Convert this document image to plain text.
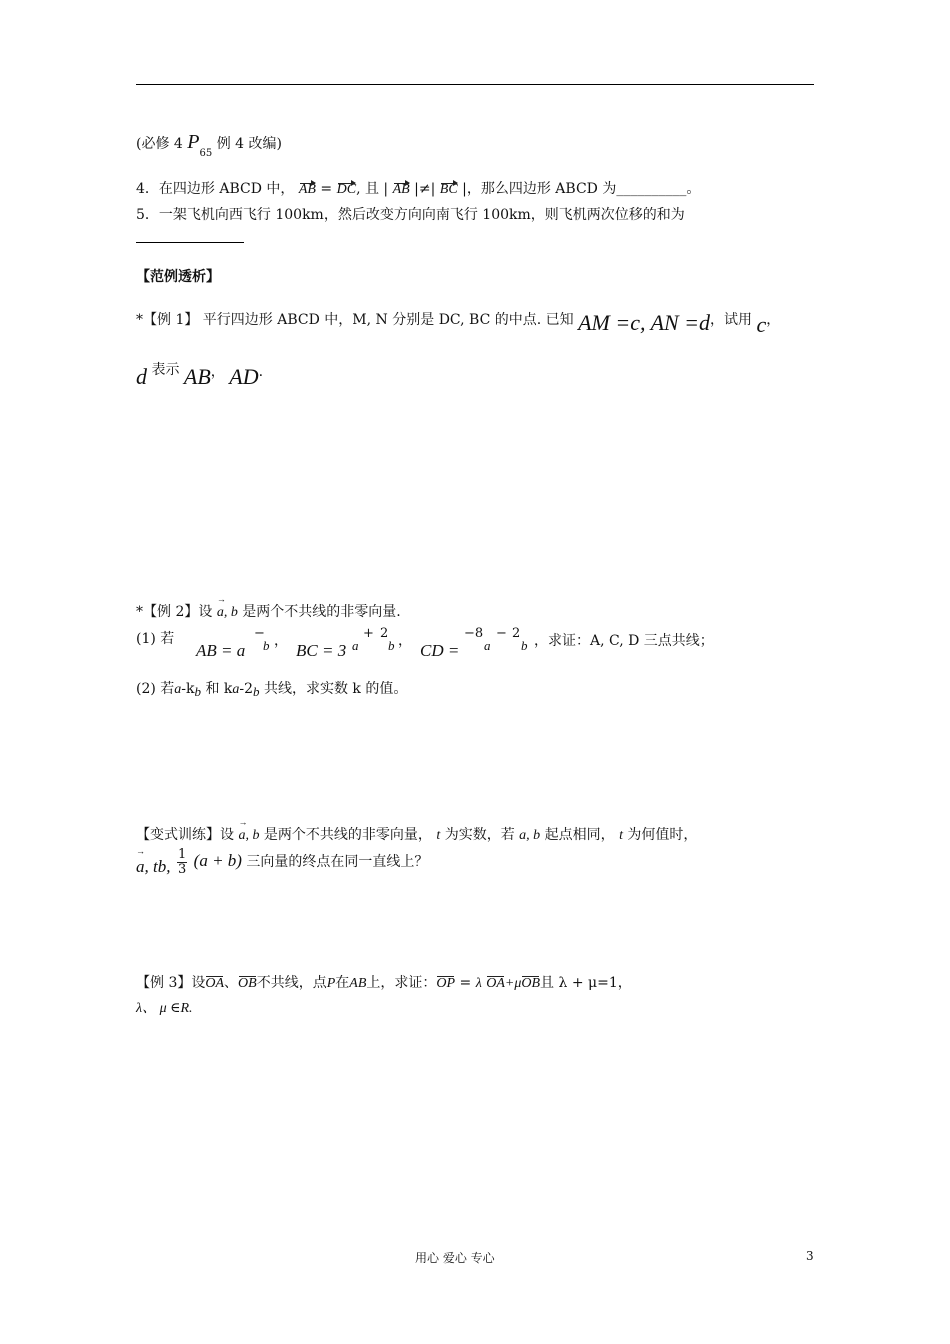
(必修 4 $P_{65}$ 例 4 改编)
4．在四边形 ABCD 中， AB = DC, 且 | AB |≠| BC |，那么四边形 ABCD 为__________。
5．一架飞机向西飞行 100km，然后改变方向向南飞行 100km，则飞机两次位移的和为
【范例透析】
*【例 1】 平行四边形 ABCD 中，M, N 分别是 DC, BC 的中点. 已知 AM =c, AN =d，试用 c，
d 表示 AB， AD.
*【例 2】设 → a, b 是两个不共线的非零向量.
(1) 若
AB = a
−
b ， BC = 3 a
+ 2
b ， CD =
−8
a
− 2
b ，求证：A, C, D 三点共线；
(2) 若a-kb 和 ka-2b 共线，求实数 k 的值。
【变式训练】设 → a, b 是两个不共线的非零向量， t 为实数，若 a, b 起点相同， t 为何值时，
→ a, tb, $\frac{1}{3} (a + b)$ 三向量的终点在同一直线上？
【例 3】设OA、OB不共线，点P在AB上，求证：OP = λ OA+μOB且 λ + μ=1，
λ、 μ ∈R.
用心 爱心 专心	3
